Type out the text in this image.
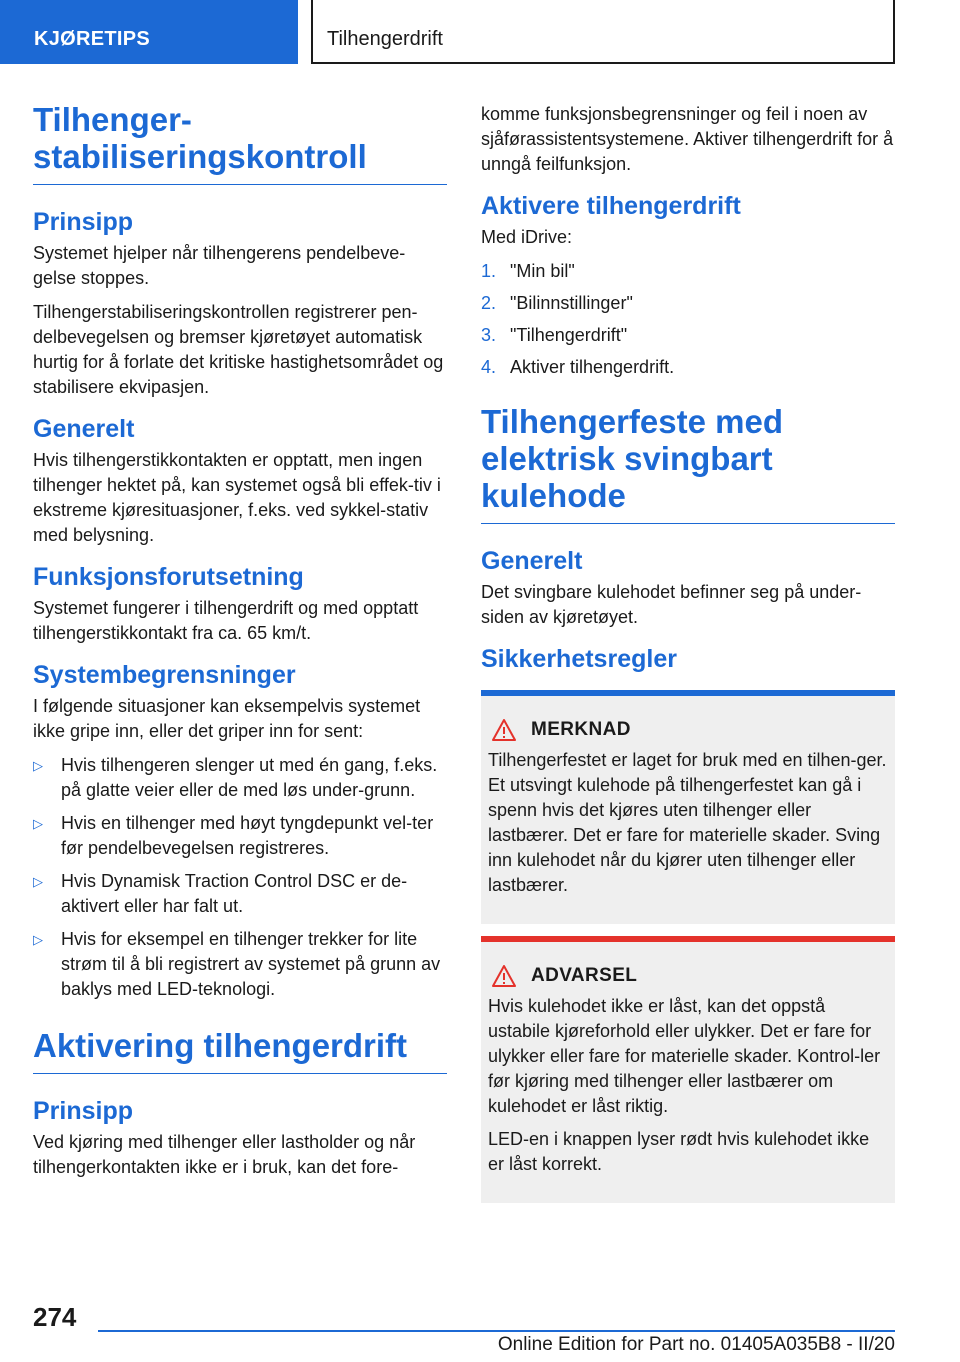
KJØRETIPS	Tilhengerdrift
Tilhenger-stabiliseringskontroll
Prinsipp

Systemet hjelper når tilhengerens pendelbeve-gelse stoppes.

Tilhengerstabiliseringskontrollen registrerer pen-delbevegelsen og bremser kjøretøyet automatisk hurtig for å forlate det kritiske hastighetsområdet og stabilisere ekvipasjen.

Generelt

Hvis tilhengerstikkontakten er opptatt, men ingen tilhenger hektet på, kan systemet også bli effek-tiv i ekstreme kjøresituasjoner, f.eks. ved sykkel-stativ med belysning.

Funksjonsforutsetning

Systemet fungerer i tilhengerdrift og med opptatt tilhengerstikkontakt fra ca. 65 km/t.

Systembegrensninger

I følgende situasjoner kan eksempelvis systemet ikke gripe inn, eller det griper inn for sent:

▷ Hvis tilhengeren slenger ut med én gang, f.eks. på glatte veier eller de med løs under-grunn.
▷ Hvis en tilhenger med høyt tyngdepunkt vel-ter før pendelbevegelsen registreres.
▷ Hvis Dynamisk Traction Control DSC er de-aktivert eller har falt ut.
▷ Hvis for eksempel en tilhenger trekker for lite strøm til å bli registrert av systemet på grunn av baklys med LED-teknologi.
Aktivering tilhengerdrift
Prinsipp

Ved kjøring med tilhenger eller lastholder og når tilhengerkontakten ikke er i bruk, kan det fore-

komme funksjonsbegrensninger og feil i noen av sjåførassistentsystemene. Aktiver tilhengerdrift for å unngå feilfunksjon.

Aktivere tilhengerdrift

Med iDrive:

1. "Min bil"
2. "Bilinnstillinger"
3. "Tilhengerdrift"
4. Aktiver tilhengerdrift.
Tilhengerfeste med elektrisk svingbart kulehode
Generelt

Det svingbare kulehodet befinner seg på under-siden av kjøretøyet.

Sikkerhetsregler
MERKNAD

Tilhengerfestet er laget for bruk med en tilhen-ger. Et utsvingt kulehode på tilhengerfestet kan gå i spenn hvis det kjøres uten tilhenger eller lastbærer. Det er fare for materielle skader. Sving inn kulehodet når du kjører uten tilhenger eller lastbærer.

ADVARSEL

Hvis kulehodet ikke er låst, kan det oppstå ustabile kjøreforhold eller ulykker. Det er fare for ulykker eller fare for materielle skader. Kontrol-ler før kjøring med tilhenger eller lastbærer om kulehodet er låst riktig.

LED-en i knappen lyser rødt hvis kulehodet ikke er låst korrekt.

274
Online Edition for Part no. 01405A035B8 - II/20
